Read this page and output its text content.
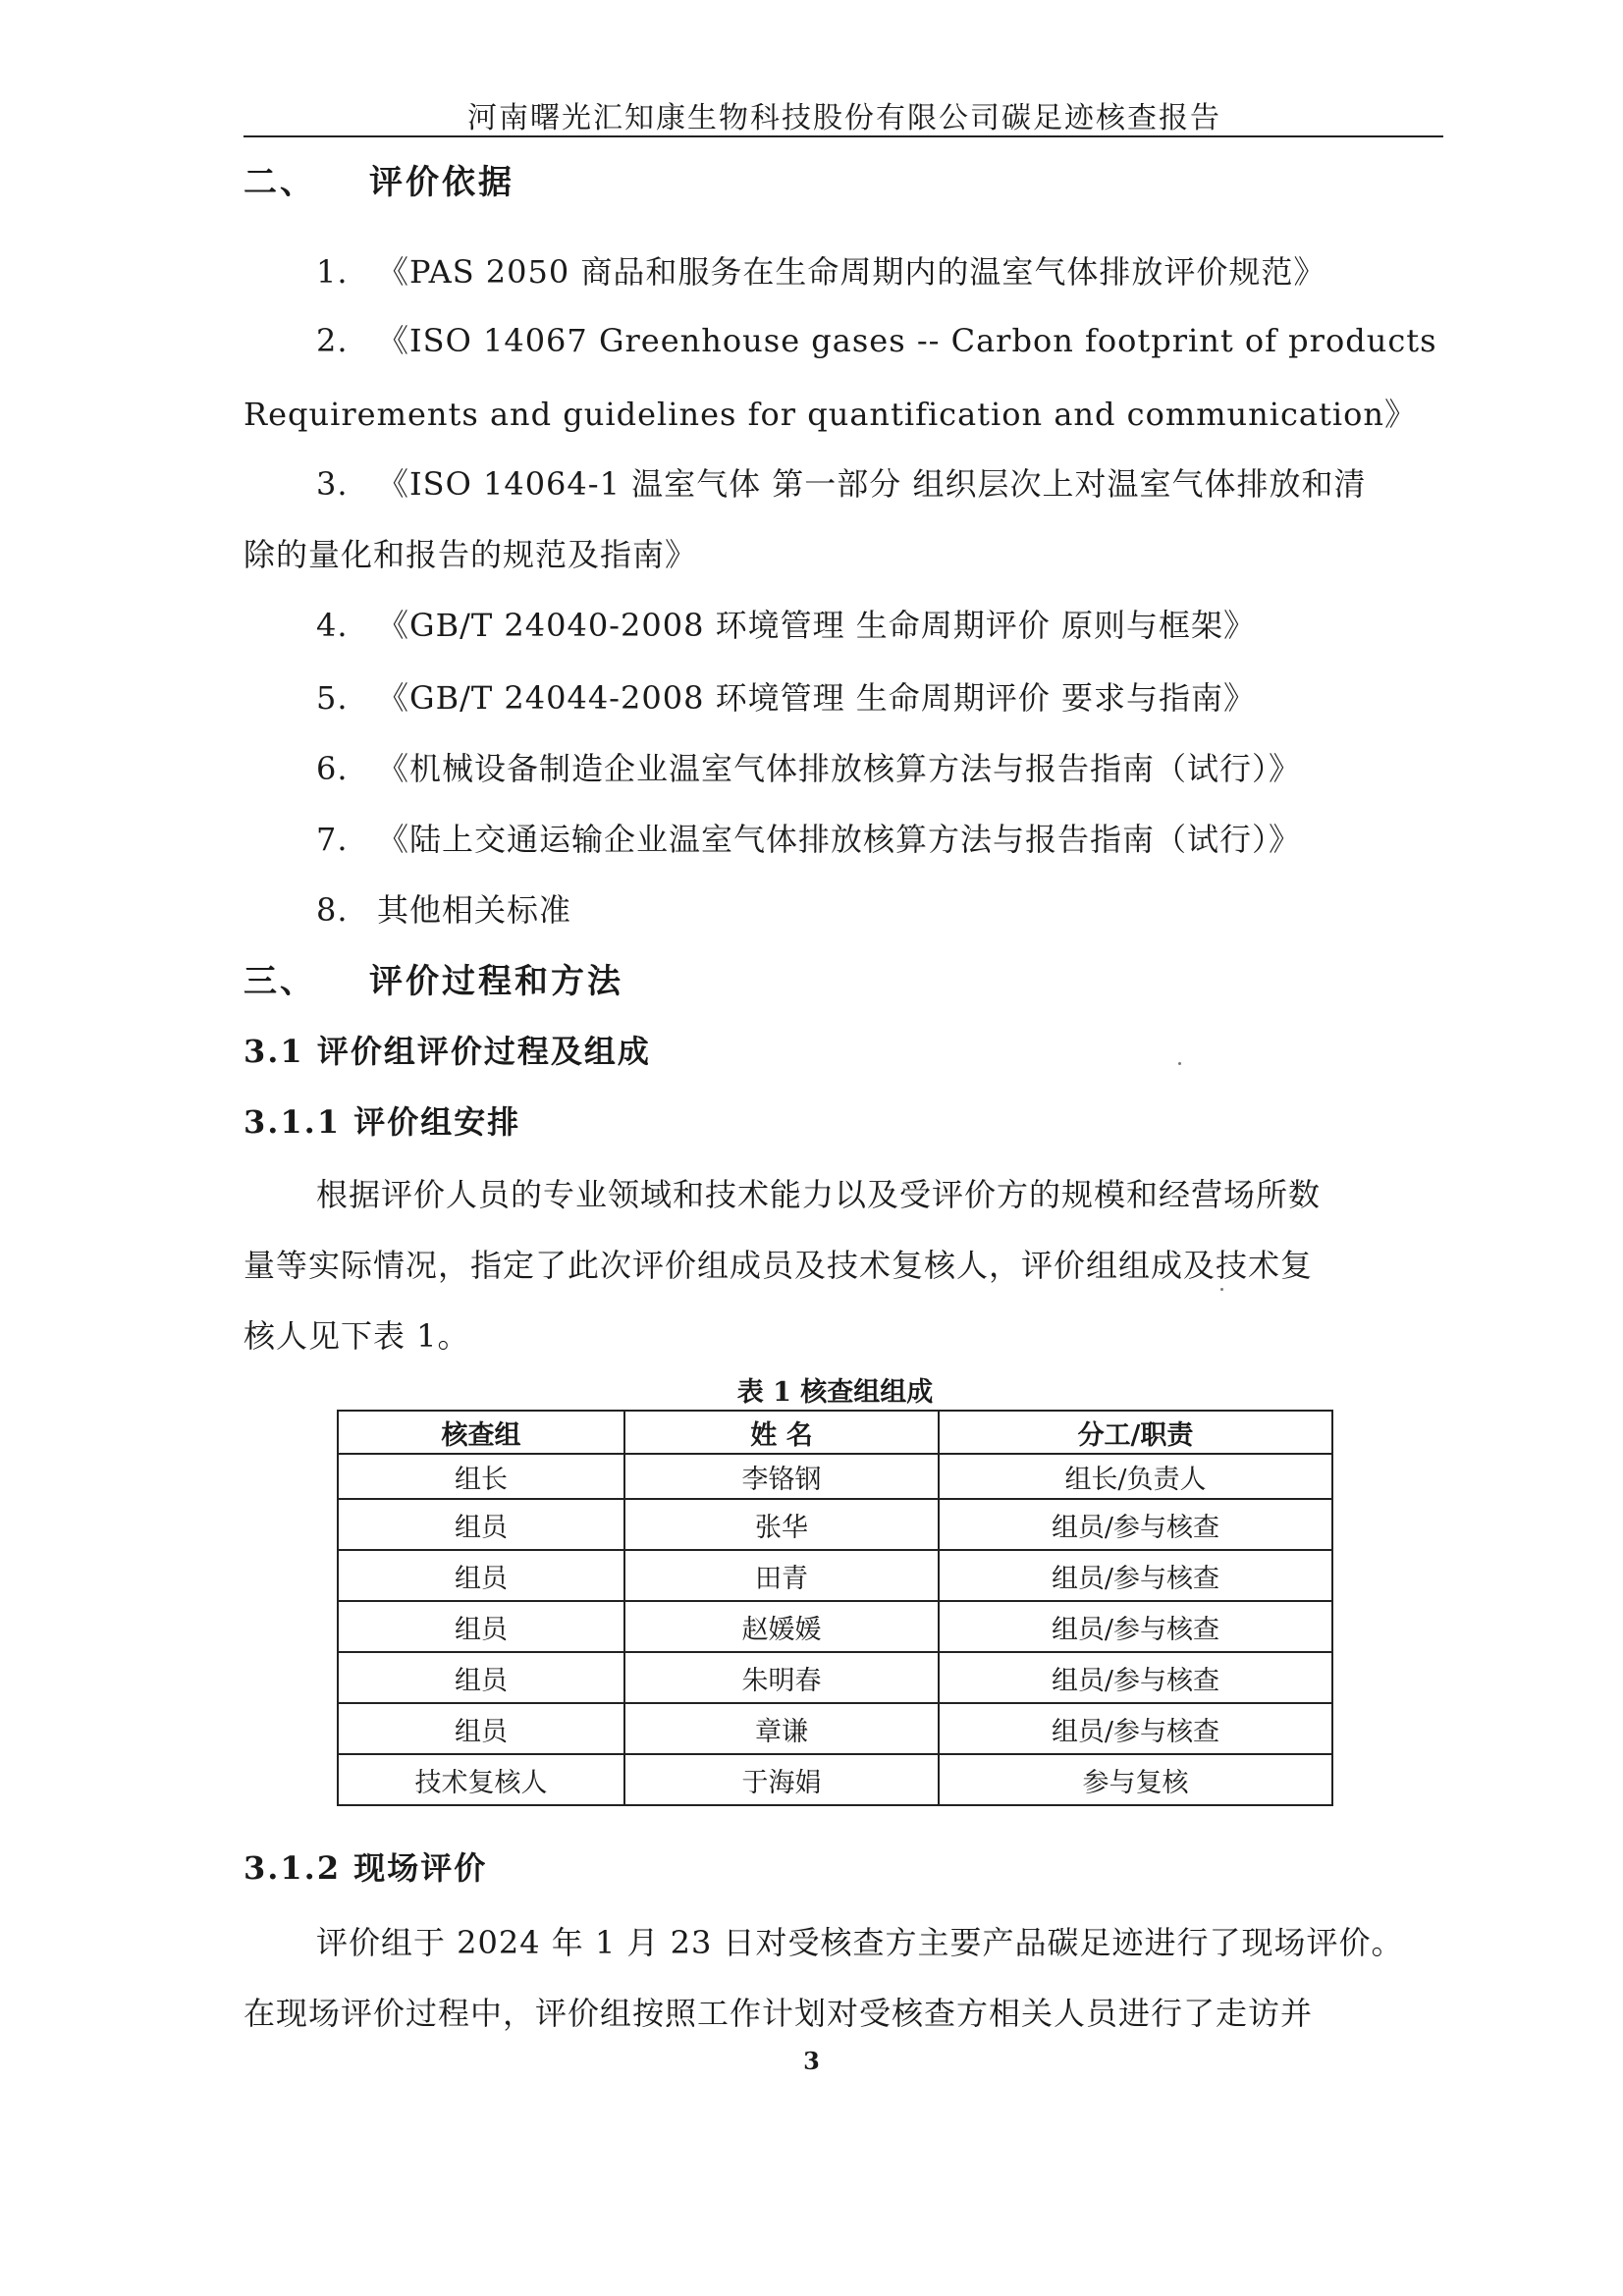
河南曙光汇知康生物科技股份有限公司碳足迹核查报告
二、 评价依据
1. 《PAS 2050 商品和服务在生命周期内的温室气体排放评价规范》
2. 《ISO 14067 Greenhouse gases -- Carbon footprint of products
Requirements and guidelines for quantification and communication》
3. 《ISO 14064-1 温室气体 第一部分 组织层次上对温室气体排放和清
除的量化和报告的规范及指南》
4. 《GB/T 24040-2008 环境管理 生命周期评价 原则与框架》
5. 《GB/T 24044-2008 环境管理 生命周期评价 要求与指南》
6. 《机械设备制造企业温室气体排放核算方法与报告指南（试行）》
7. 《陆上交通运输企业温室气体排放核算方法与报告指南（试行）》
8. 其他相关标准
三、 评价过程和方法
3.1 评价组评价过程及组成
3.1.1 评价组安排
根据评价人员的专业领域和技术能力以及受评价方的规模和经营场所数
量等实际情况，指定了此次评价组成员及技术复核人，评价组组成及技术复
核人见下表 1。
表 1 核查组组成
核查组	姓 名	分工/职责
组长	李铬钢	组长/负责人
组员	张华	组员/参与核查
组员	田青	组员/参与核查
组员	赵媛媛	组员/参与核查
组员	朱明春	组员/参与核查
组员	章谦	组员/参与核查
技术复核人	于海娟	参与复核
3.1.2 现场评价
评价组于 2024 年 1 月 23 日对受核查方主要产品碳足迹进行了现场评价。
在现场评价过程中，评价组按照工作计划对受核查方相关人员进行了走访并
3
